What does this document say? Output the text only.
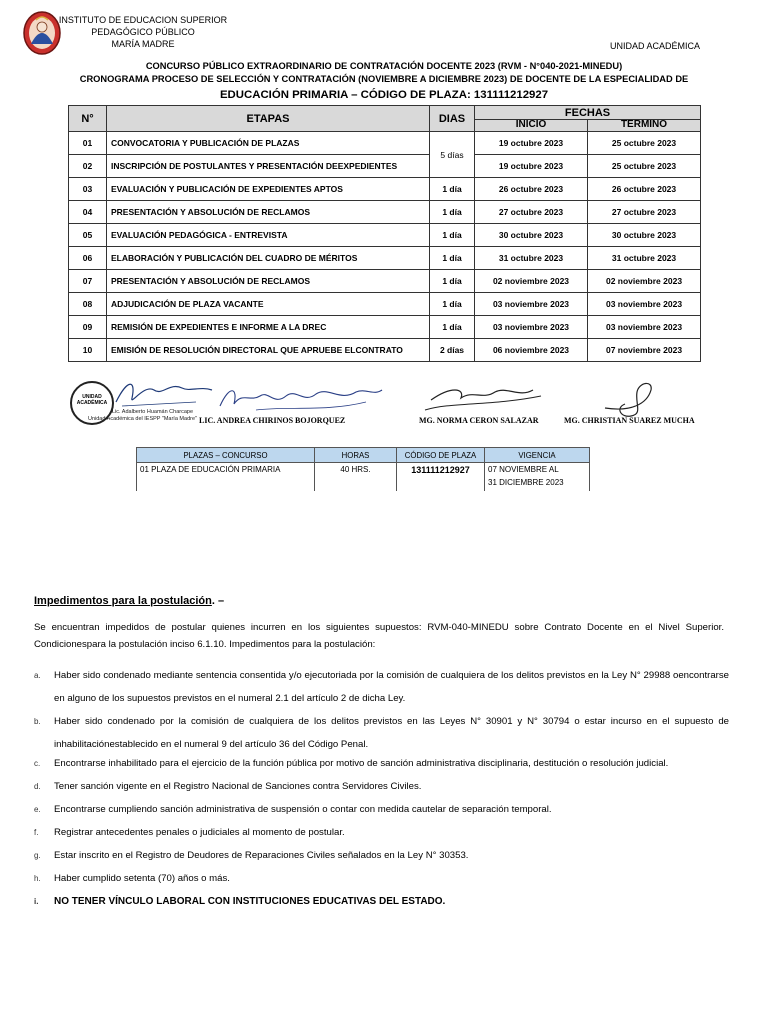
INSTITUTO DE EDUCACION SUPERIOR
PEDAGÓGICO PÚBLICO
MARÍA MADRE	UNIDAD ACADÉMICA
CONCURSO PÚBLICO EXTRAORDINARIO DE CONTRATACIÓN DOCENTE 2023 (RVM - N°040-2021-MINEDU)
CRONOGRAMA PROCESO DE SELECCIÓN Y CONTRATACIÓN (NOVIEMBRE A DICIEMBRE 2023) DE DOCENTE DE LA ESPECIALIDAD DE
EDUCACIÓN PRIMARIA – CÓDIGO DE PLAZA: 131111212927
N°	ETAPAS	DIAS	FECHAS	

			INICIO	TERMINO

01	CONVOCATORIA Y PUBLICACIÓN DE PLAZAS	5 días	19 octubre 2023	25 octubre 2023
02	INSCRIPCIÓN DE POSTULANTES Y PRESENTACIÓN DEEXPEDIENTES		19 octubre 2023	25 octubre 2023
03	EVALUACIÓN Y PUBLICACIÓN DE EXPEDIENTES APTOS	1 día	26 octubre 2023	26 octubre 2023
04	PRESENTACIÓN Y ABSOLUCIÓN DE RECLAMOS	1 día	27 octubre 2023	27 octubre 2023
05	EVALUACIÓN PEDAGÓGICA - ENTREVISTA	1 día	30 octubre 2023	30 octubre 2023
06	ELABORACIÓN Y PUBLICACIÓN DEL CUADRO DE MÉRITOS	1 día	31 octubre 2023	31 octubre 2023
07	PRESENTACIÓN Y ABSOLUCIÓN DE RECLAMOS	1 día	02 noviembre 2023	02 noviembre 2023
08	ADJUDICACIÓN DE PLAZA VACANTE	1 día	03 noviembre 2023	03 noviembre 2023
09	REMISIÓN DE EXPEDIENTES E INFORME A LA DREC	1 día	03 noviembre 2023	03 noviembre 2023
10	EMISIÓN DE RESOLUCIÓN DIRECTORAL QUE APRUEBE ELCONTRATO	2 días	06 noviembre 2023	07 noviembre 2023
UNIDAD
ACADÉMICA
Lic. Adalberto Huamán Charcape
Unidad Académica del IESPP "María Madre" LIC. ANDREA CHIRINOS BOJORQUEZ	MG. NORMA CERON SALAZAR	MG. CHRISTIAN SUAREZ MUCHA
PLAZAS – CONCURSO	HORAS	CÓDIGO DE PLAZA	VIGENCIA
01 PLAZA DE EDUCACIÓN PRIMARIA	40 HRS.	131111212927	07 NOVIEMBRE AL
31 DICIEMBRE 2023
Impedimentos para la postulación. –
Se encuentran impedidos de postular quienes incurren en los siguientes supuestos: RVM-040-MINEDU sobre Contrato Docente en el Nivel Superior. Condicionespara la postulación inciso 6.1.10. Impedimentos para la postulación:
a. Haber sido condenado mediante sentencia consentida y/o ejecutoriada por la comisión de cualquiera de los delitos previstos en la Ley N° 29988 oencontrarse en alguno de los supuestos previstos en el numeral 2.1 del artículo 2 de dicha Ley.
b. Haber sido condenado por la comisión de cualquiera de los delitos previstos en las Leyes N° 30901 y N° 30794 o estar incurso en el supuesto de inhabilitaciónestablecido en el numeral 9 del artículo 36 del Código Penal.
c. Encontrarse inhabilitado para el ejercicio de la función pública por motivo de sanción administrativa disciplinaria, destitución o resolución judicial.
d. Tener sanción vigente en el Registro Nacional de Sanciones contra Servidores Civiles.
e. Encontrarse cumpliendo sanción administrativa de suspensión o contar con medida cautelar de separación temporal.
f. Registrar antecedentes penales o judiciales al momento de postular.
g. Estar inscrito en el Registro de Deudores de Reparaciones Civiles señalados en la Ley N° 30353.
h. Haber cumplido setenta (70) años o más.
i. NO TENER VÍNCULO LABORAL CON INSTITUCIONES EDUCATIVAS DEL ESTADO.
